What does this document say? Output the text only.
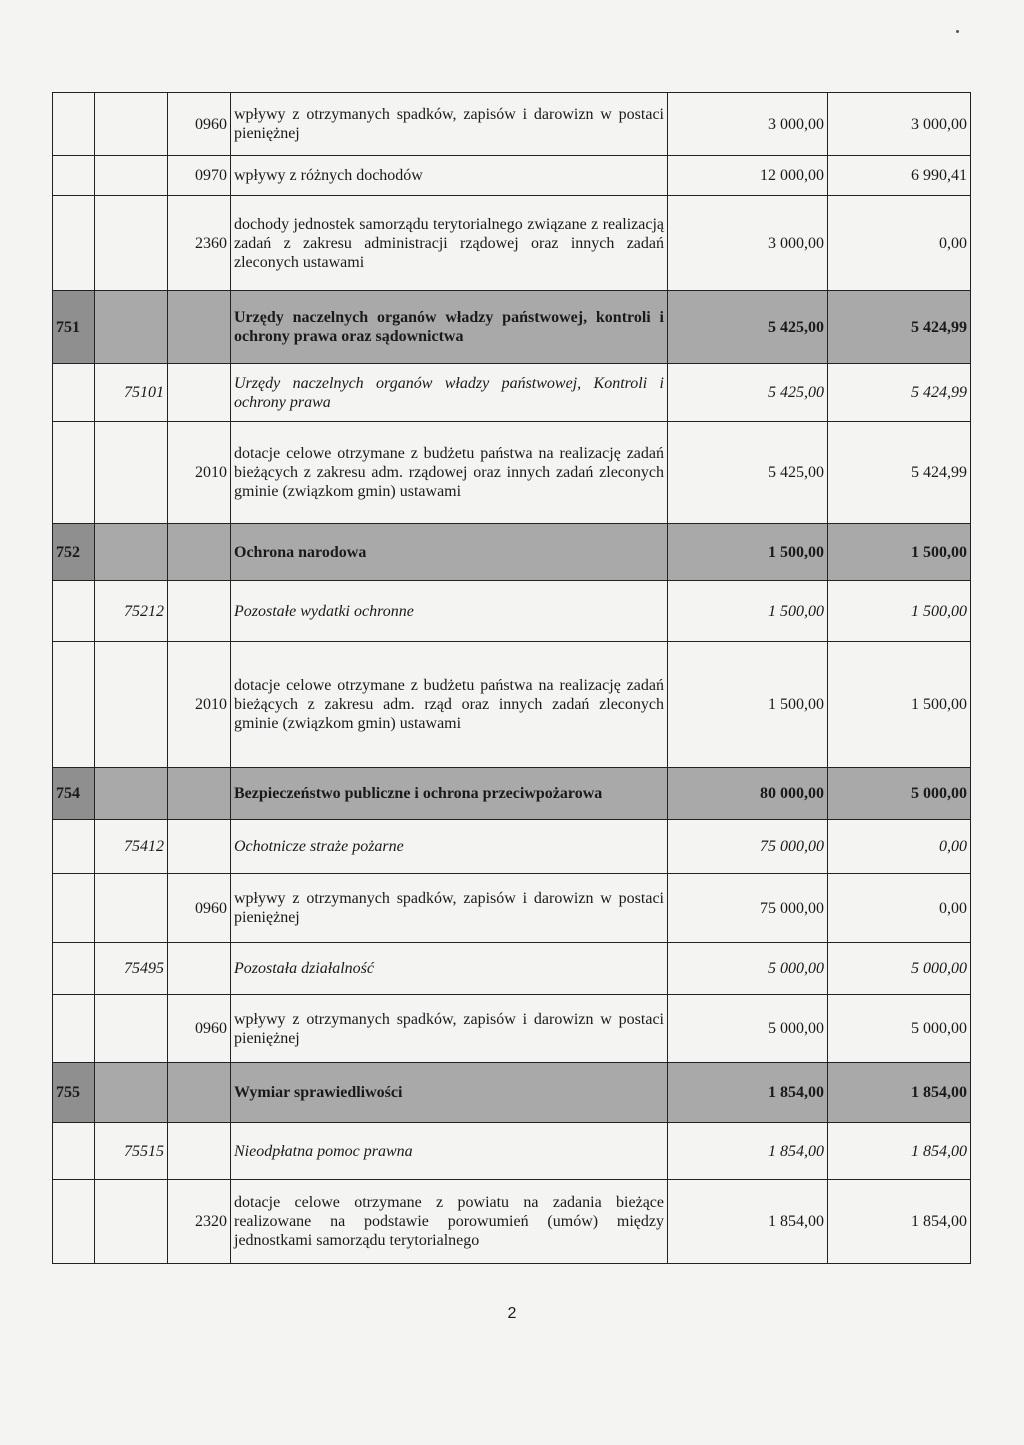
		0960	wpływy z otrzymanych spadków, zapisów i darowizn w postaci pieniężnej	3 000,00	3 000,00
		0970	wpływy z różnych dochodów	12 000,00	6 990,41
		2360	dochody jednostek samorządu terytorialnego związane z realizacją zadań z zakresu administracji rządowej oraz innych zadań zleconych ustawami	3 000,00	0,00
751			Urzędy naczelnych organów władzy państwowej, kontroli i ochrony prawa oraz sądownictwa	5 425,00	5 424,99
	75101		Urzędy naczelnych organów władzy państwowej, Kontroli i ochrony prawa	5 425,00	5 424,99
		2010	dotacje celowe otrzymane z budżetu państwa na realizację zadań bieżących z zakresu adm. rządowej oraz innych zadań zleconych gminie (związkom gmin) ustawami	5 425,00	5 424,99
752			Ochrona narodowa	1 500,00	1 500,00
	75212		Pozostałe wydatki ochronne	1 500,00	1 500,00
		2010	dotacje celowe otrzymane z budżetu państwa na realizację zadań bieżących z zakresu adm. rząd oraz innych zadań zleconych gminie (związkom gmin) ustawami	1 500,00	1 500,00
754			Bezpieczeństwo publiczne i ochrona przeciwpożarowa	80 000,00	5 000,00
	75412		Ochotnicze straże pożarne	75 000,00	0,00
		0960	wpływy z otrzymanych spadków, zapisów i darowizn w postaci pieniężnej	75 000,00	0,00
	75495		Pozostała działalność	5 000,00	5 000,00
		0960	wpływy z otrzymanych spadków, zapisów i darowizn w postaci pieniężnej	5 000,00	5 000,00
755			Wymiar sprawiedliwości	1 854,00	1 854,00
	75515		Nieodpłatna pomoc prawna	1 854,00	1 854,00
		2320	dotacje celowe otrzymane z powiatu na zadania bieżące realizowane na podstawie porowumień (umów) między jednostkami samorządu terytorialnego	1 854,00	1 854,00
2
